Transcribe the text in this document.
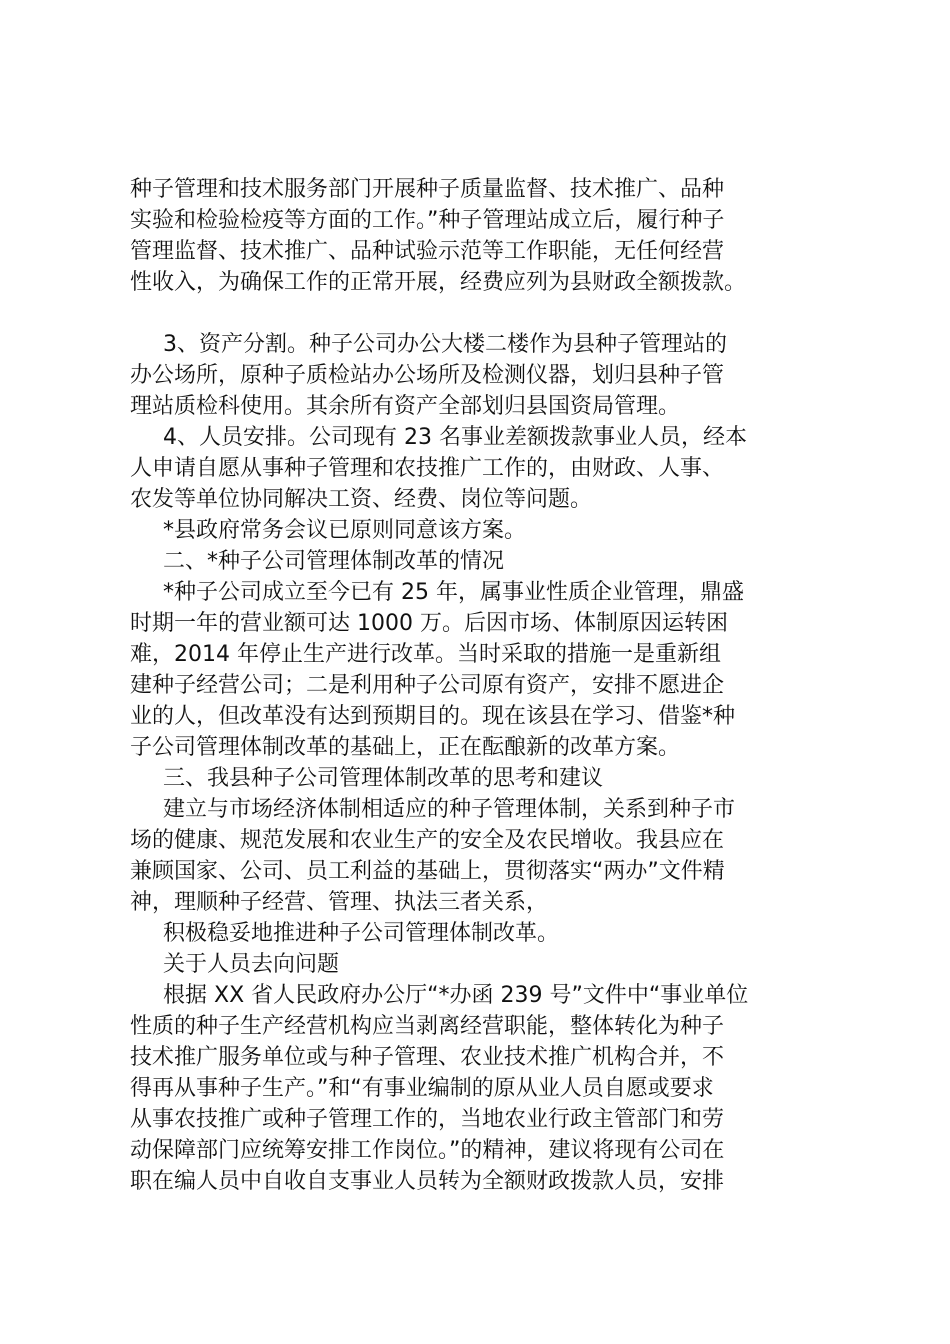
种子管理和技术服务部门开展种子质量监督、技术推广、品种
实验和检验检疫等方面的工作。”种子管理站成立后，履行种子
管理监督、技术推广、品种试验示范等工作职能，无任何经营
性收入，为确保工作的正常开展，经费应列为县财政全额拨款。
3、资产分割。种子公司办公大楼二楼作为县种子管理站的
办公场所，原种子质检站办公场所及检测仪器，划归县种子管
理站质检科使用。其余所有资产全部划归县国资局管理。
4、人员安排。公司现有 23 名事业差额拨款事业人员，经本
人申请自愿从事种子管理和农技推广工作的，由财政、人事、
农发等单位协同解决工资、经费、岗位等问题。
*县政府常务会议已原则同意该方案。
二、*种子公司管理体制改革的情况
*种子公司成立至今已有 25 年，属事业性质企业管理，鼎盛
时期一年的营业额可达 1000 万。后因市场、体制原因运转困
难，2014 年停止生产进行改革。当时采取的措施一是重新组
建种子经营公司；二是利用种子公司原有资产，安排不愿进企
业的人，但改革没有达到预期目的。现在该县在学习、借鉴*种
子公司管理体制改革的基础上，正在酝酿新的改革方案。
三、我县种子公司管理体制改革的思考和建议
建立与市场经济体制相适应的种子管理体制，关系到种子市
场的健康、规范发展和农业生产的安全及农民增收。我县应在
兼顾国家、公司、员工利益的基础上，贯彻落实“两办”文件精
神，理顺种子经营、管理、执法三者关系，
积极稳妥地推进种子公司管理体制改革。
关于人员去向问题
根据 XX 省人民政府办公厅“*办函 239 号”文件中“事业单位
性质的种子生产经营机构应当剥离经营职能，整体转化为种子
技术推广服务单位或与种子管理、农业技术推广机构合并，不
得再从事种子生产。”和“有事业编制的原从业人员自愿或要求
从事农技推广或种子管理工作的，当地农业行政主管部门和劳
动保障部门应统筹安排工作岗位。”的精神，建议将现有公司在
职在编人员中自收自支事业人员转为全额财政拨款人员，安排
